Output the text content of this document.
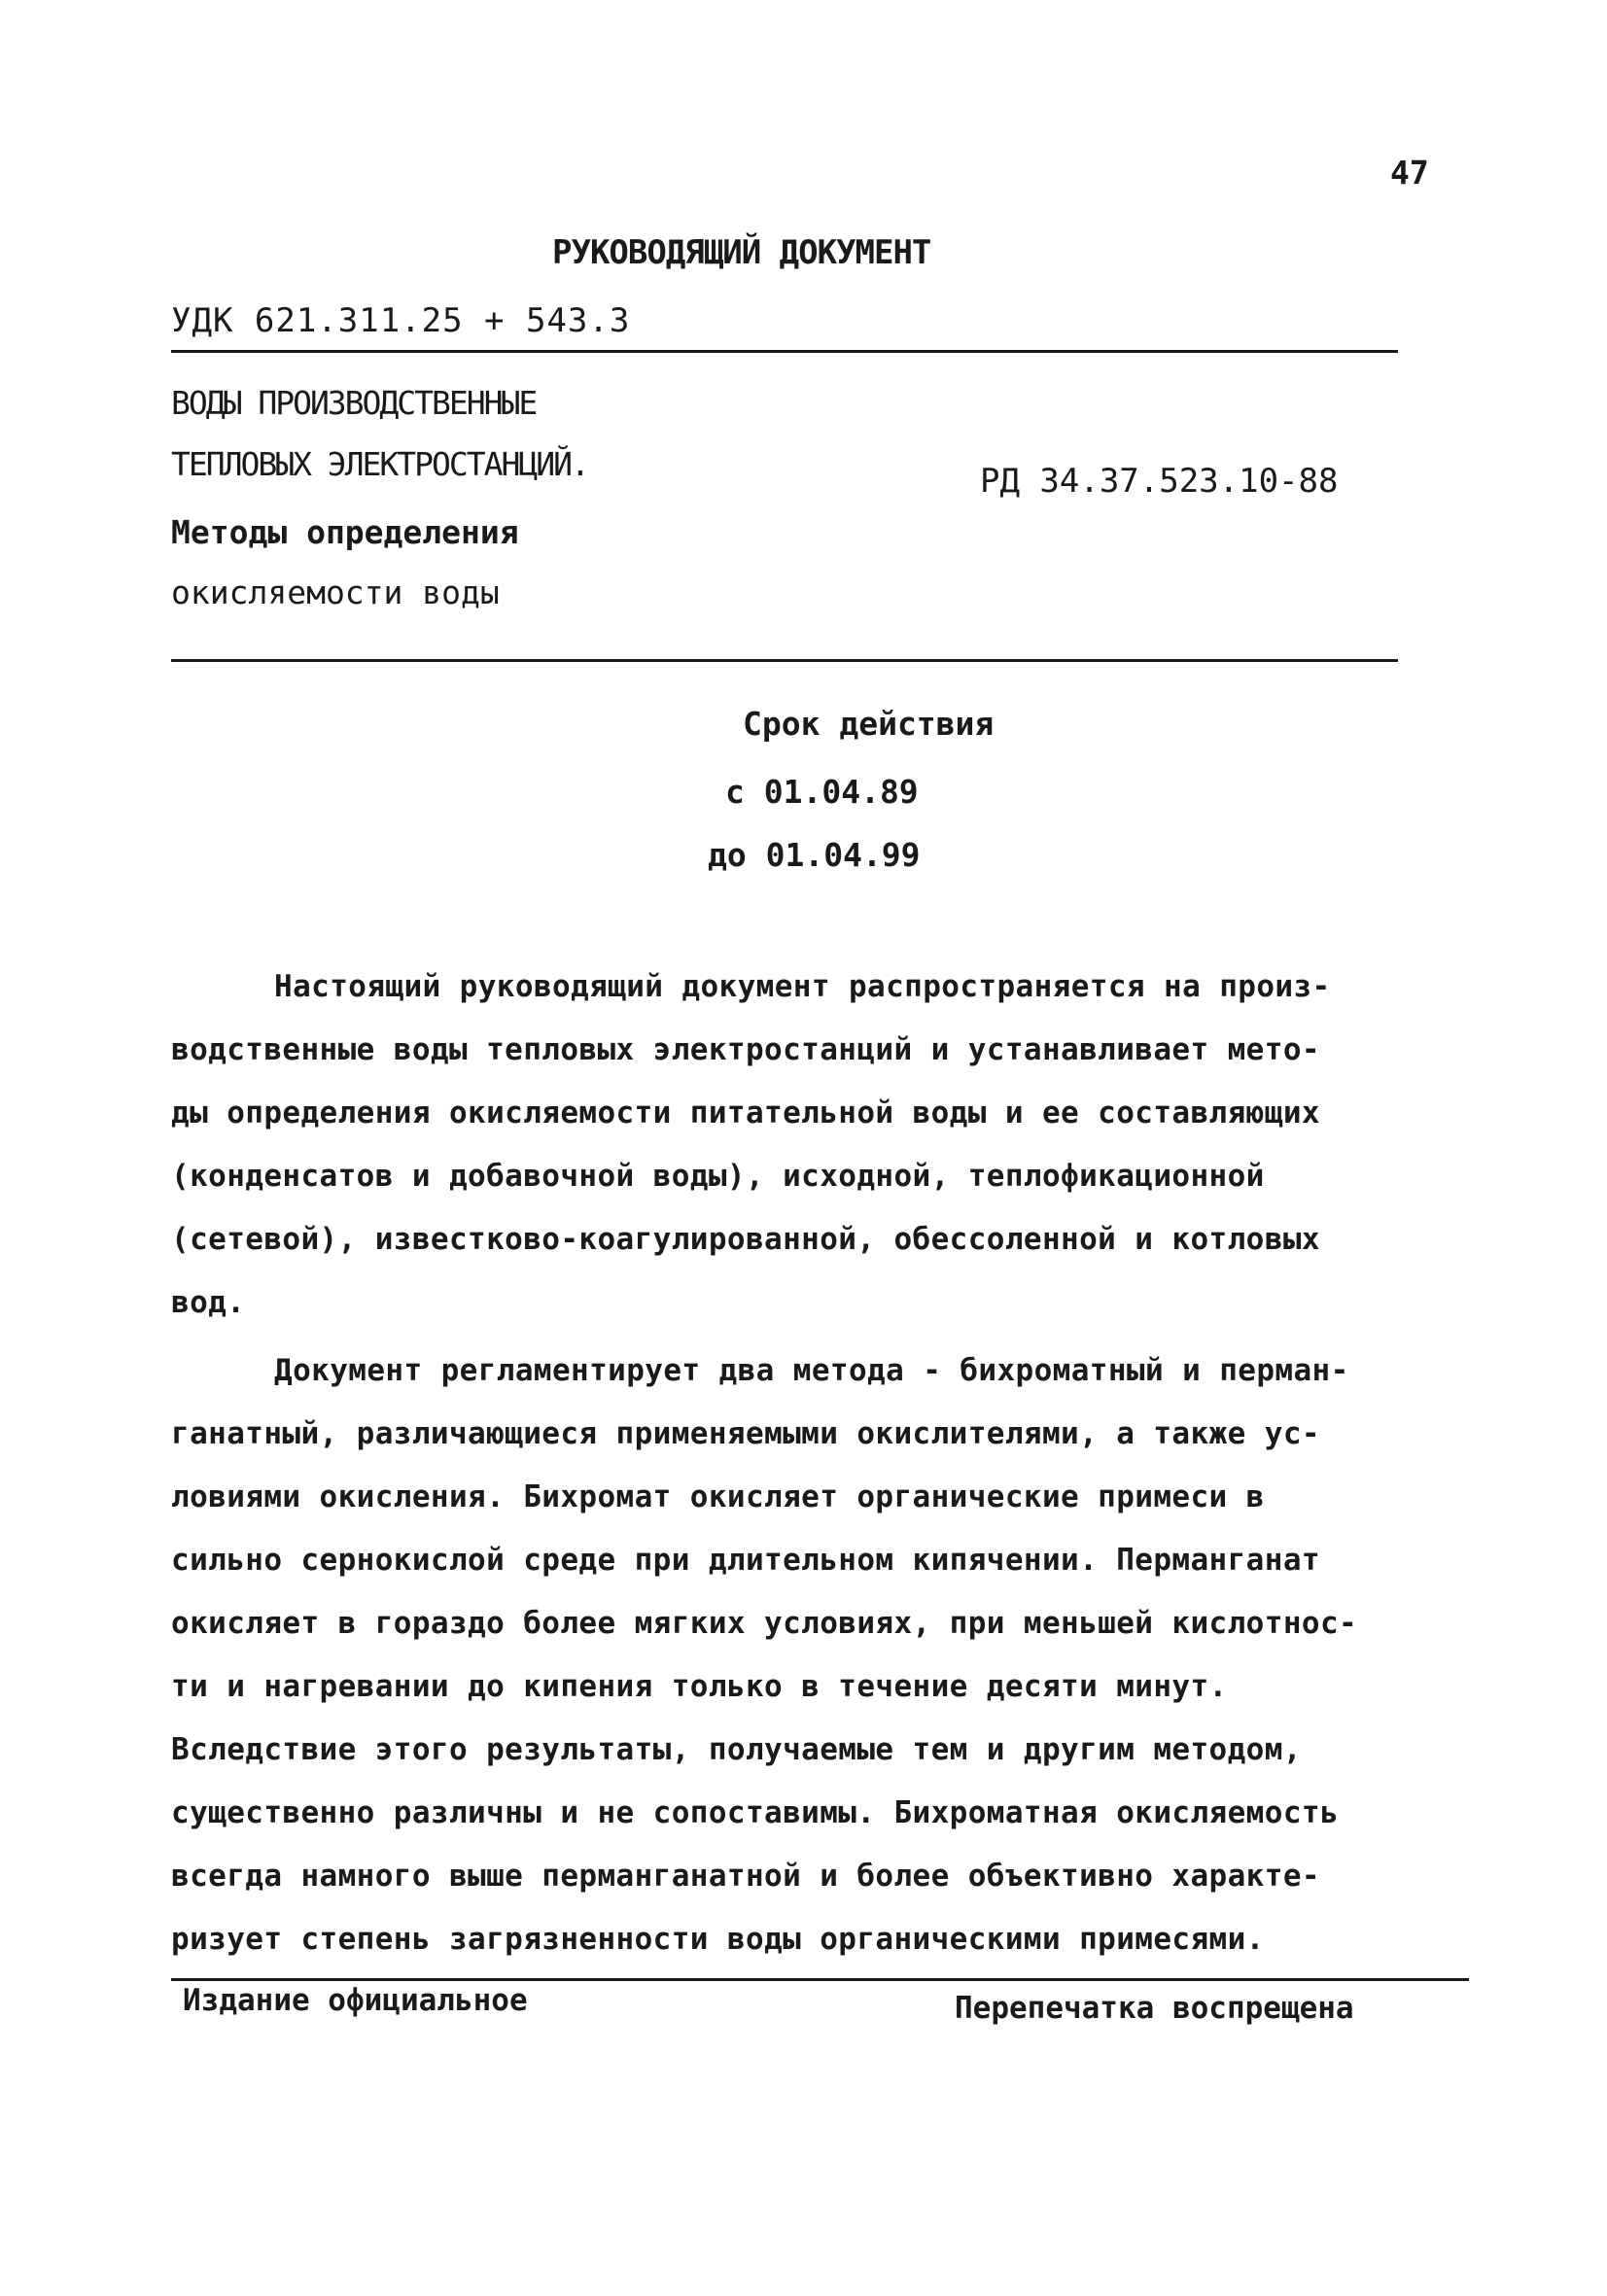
47
РУКОВОДЯЩИЙ ДОКУМЕНТ
УДК 621.311.25 + 543.3
ВОДЫ ПРОИЗВОДСТВЕННЫЕ
ТЕПЛОВЫХ ЭЛЕКТРОСТАНЦИЙ.	РД 34.37.523.10-88
Методы определения
окисляемости воды
Срок действия
с 01.04.89
до 01.04.99
Настоящий руководящий документ распространяется на произ-
водственные воды тепловых электростанций и устанавливает мето-
ды определения окисляемости питательной воды и ее составляющих
(конденсатов и добавочной воды), исходной, теплофикационной
(сетевой), известково-коагулированной, обессоленной и котловых
вод.
Документ регламентирует два метода - бихроматный и перман-
ганатный, различающиеся применяемыми окислителями, а также ус-
ловиями окисления. Бихромат окисляет органические примеси в
сильно сернокислой среде при длительном кипячении. Перманганат
окисляет в гораздо более мягких условиях, при меньшей кислотнос-
ти и нагревании до кипения только в течение десяти минут.
Вследствие этого результаты, получаемые тем и другим методом,
существенно различны и не сопоставимы. Бихроматная окисляемость
всегда намного выше перманганатной и более объективно характе-
ризует степень загрязненности воды органическими примесями.
Издание официальное	Перепечатка воспрещена
